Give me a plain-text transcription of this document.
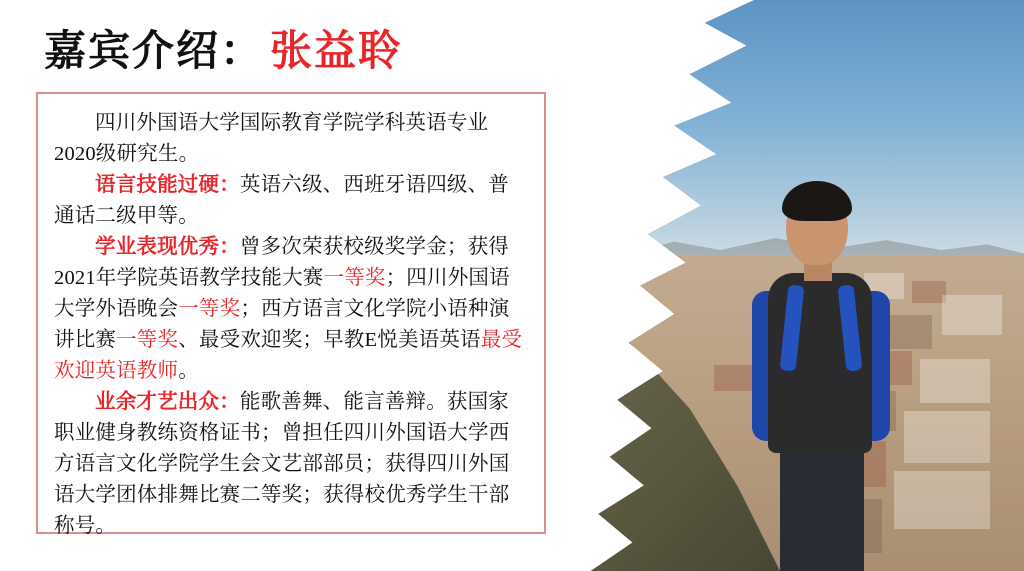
嘉宾介绍： 张益聆

四川外国语大学国际教育学院学科英语专业2020级研究生。

语言技能过硬：英语六级、西班牙语四级、普通话二级甲等。

学业表现优秀：曾多次荣获校级奖学金；获得2021年学院英语教学技能大赛一等奖；四川外国语大学外语晚会一等奖；西方语言文化学院小语种演讲比赛一等奖、最受欢迎奖；早教E悦美语英语最受欢迎英语教师。

业余才艺出众：能歌善舞、能言善辩。获国家职业健身教练资格证书；曾担任四川外国语大学西方语言文化学院学生会文艺部部员；获得四川外国语大学团体排舞比赛二等奖；获得校优秀学生干部称号。
